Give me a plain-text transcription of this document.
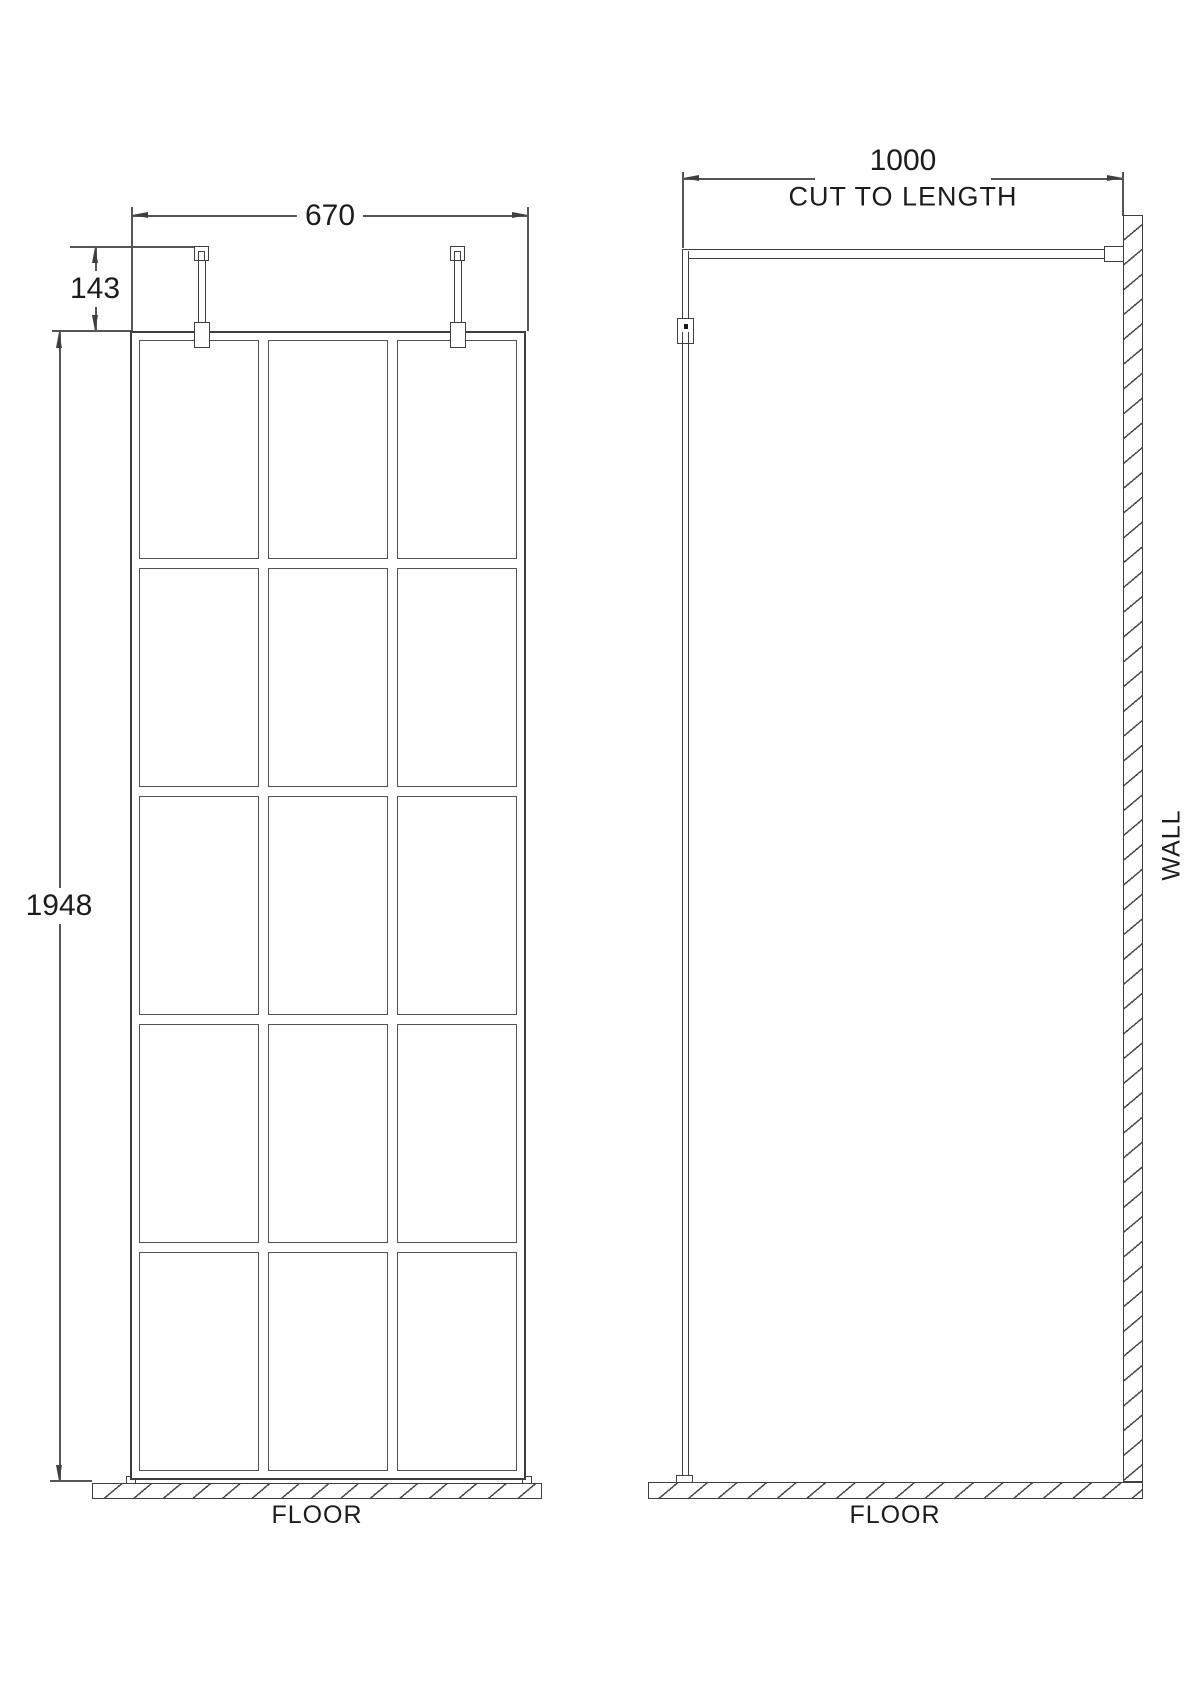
670
143
1948
FLOOR
1000
CUT TO LENGTH
WALL
FLOOR
